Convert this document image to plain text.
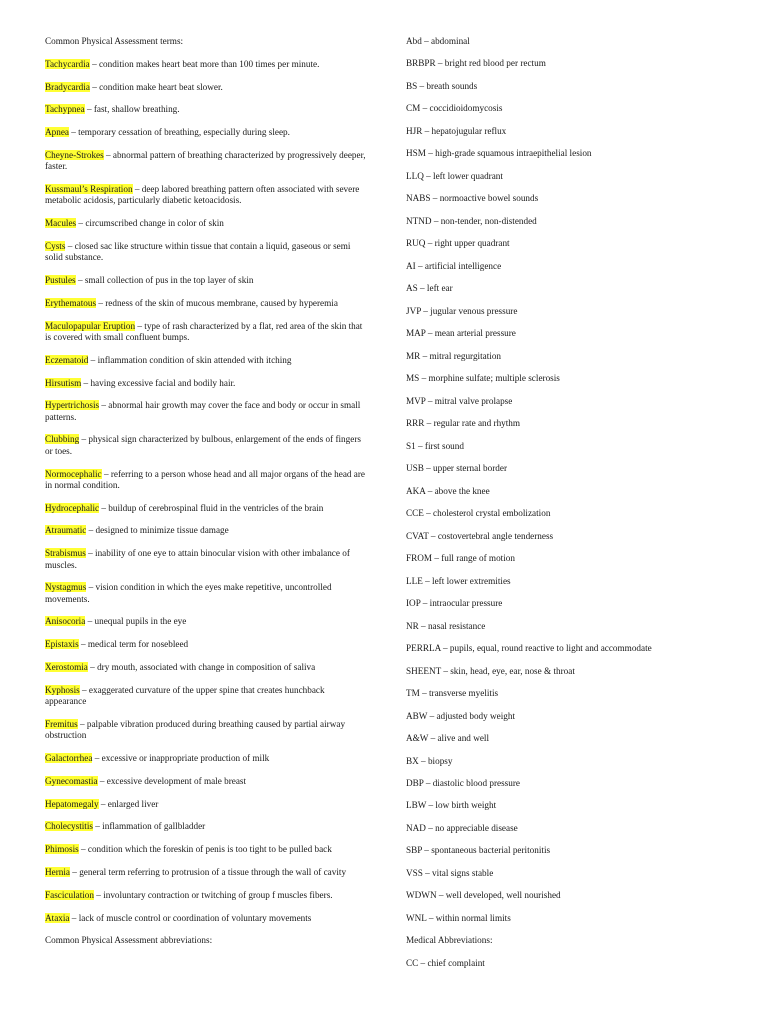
Common Physical Assessment terms:

Tachycardia – condition makes heart beat more than 100 times per minute.

Bradycardia – condition make heart beat slower.

Tachypnea – fast, shallow breathing.

Apnea – temporary cessation of breathing, especially during sleep.

Cheyne-Strokes – abnormal pattern of breathing characterized by progressively deeper, faster.

Kussmaul’s Respiration – deep labored breathing pattern often associated with severe metabolic acidosis, particularly diabetic ketoacidosis.

Macules – circumscribed change in color of skin

Cysts – closed sac like structure within tissue that contain a liquid, gaseous or semi solid substance.

Pustules – small collection of pus in the top layer of skin

Erythematous – redness of the skin of mucous membrane, caused by hyperemia

Maculopapular Eruption – type of rash characterized by a flat, red area of the skin that is covered with small confluent bumps.

Eczematoid – inflammation condition of skin attended with itching

Hirsutism – having excessive facial and bodily hair.

Hypertrichosis – abnormal hair growth may cover the face and body or occur in small patterns.

Clubbing – physical sign characterized by bulbous, enlargement of the ends of fingers or toes.

Normocephalic – referring to a person whose head and all major organs of the head are in normal condition.

Hydrocephalic – buildup of cerebrospinal fluid in the ventricles of the brain

Atraumatic – designed to minimize tissue damage

Strabismus – inability of one eye to attain binocular vision with other imbalance of muscles.

Nystagmus – vision condition in which the eyes make repetitive, uncontrolled movements.

Anisocoria – unequal pupils in the eye

Epistaxis – medical term for nosebleed

Xerostomia – dry mouth, associated with change in composition of saliva

Kyphosis – exaggerated curvature of the upper spine that creates hunchback appearance

Fremitus – palpable vibration produced during breathing caused by partial airway obstruction

Galactorrhea – excessive or inappropriate production of milk

Gynecomastia – excessive development of male breast

Hepatomegaly – enlarged liver

Cholecystitis – inflammation of gallbladder

Phimosis – condition which the foreskin of penis is too tight to be pulled back

Hernia – general term referring to protrusion of a tissue through the wall of cavity

Fasciculation – involuntary contraction or twitching of group f muscles fibers.

Ataxia – lack of muscle control or coordination of voluntary movements

Common Physical Assessment abbreviations:

Abd – abdominal

BRBPR – bright red blood per rectum

BS – breath sounds

CM – coccidioidomycosis

HJR – hepatojugular reflux

HSM – high-grade squamous intraepithelial lesion

LLQ – left lower quadrant

NABS – normoactive bowel sounds

NTND – non-tender, non-distended

RUQ – right upper quadrant

AI – artificial intelligence

AS – left ear

JVP – jugular venous pressure

MAP – mean arterial pressure

MR – mitral regurgitation

MS – morphine sulfate; multiple sclerosis

MVP – mitral valve prolapse

RRR – regular rate and rhythm

S1 – first sound

USB – upper sternal border

AKA – above the knee

CCE – cholesterol crystal embolization

CVAT – costovertebral angle tenderness

FROM – full range of motion

LLE – left lower extremities

IOP – intraocular pressure

NR – nasal resistance

PERRLA – pupils, equal, round reactive to light and accommodate

SHEENT – skin, head, eye, ear, nose & throat

TM – transverse myelitis

ABW – adjusted body weight

A&W – alive and well

BX – biopsy

DBP – diastolic blood pressure

LBW – low birth weight

NAD – no appreciable disease

SBP – spontaneous bacterial peritonitis

VSS – vital signs stable

WDWN – well developed, well nourished

WNL – within normal limits

Medical Abbreviations:

CC – chief complaint
